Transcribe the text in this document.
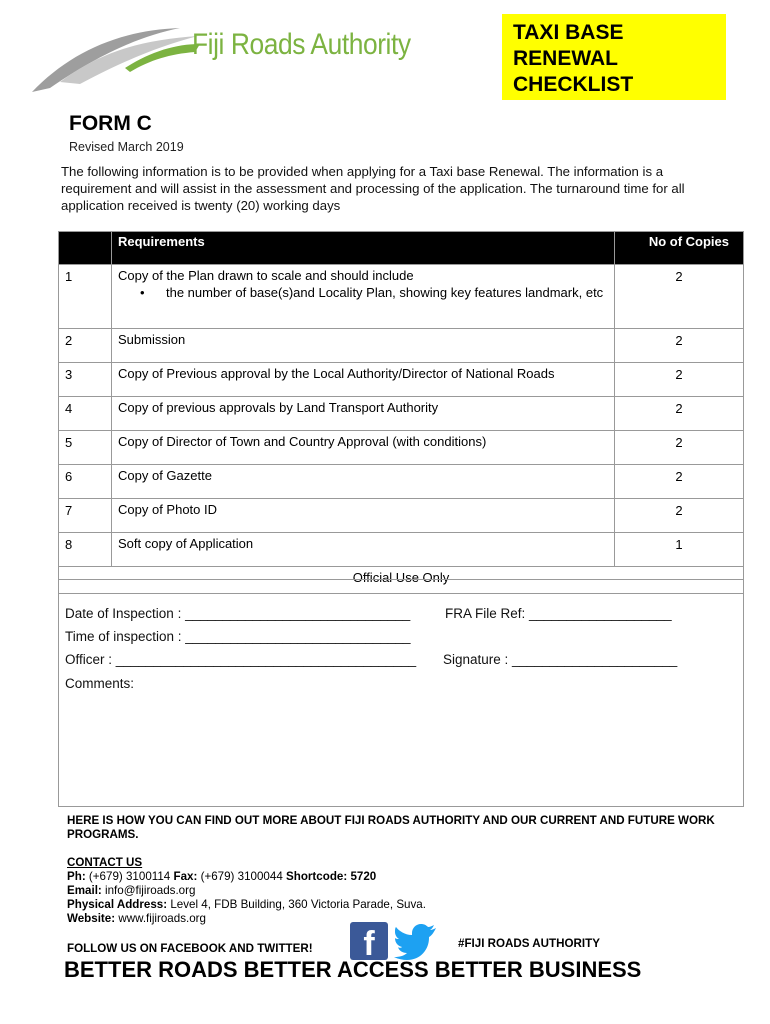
Fiji Roads Authority	TAXI BASE
RENEWAL
CHECKLIST
FORM C
Revised March 2019
The following information is to be provided when applying for a Taxi base Renewal. The information is a requirement and will assist in the assessment and processing of the application. The turnaround time for all application received is twenty (20) working days
	Requirements	No of Copies
1	Copy of the Plan drawn to scale and should include
• the number of base(s)and Locality Plan, showing key features landmark, etc	2
2	Submission	2
3	Copy of Previous approval by the Local Authority/Director of National Roads	2
4	Copy of previous approvals by Land Transport Authority	2
5	Copy of Director of Town and Country Approval (with conditions)	2
6	Copy of Gazette	2
7	Copy of Photo ID	2
8	Soft copy of Application	1
Official Use Only		
Date of Inspection : ______________________________	FRA File Ref: ___________________
Time of inspection : ______________________________
Officer : ________________________________________ Signature : ______________________
Comments:
HERE IS HOW YOU CAN FIND OUT MORE ABOUT FIJI ROADS AUTHORITY AND OUR CURRENT AND FUTURE WORK PROGRAMS.
CONTACT US
Ph: (+679) 3100114 Fax: (+679) 3100044 Shortcode: 5720
Email: info@fijiroads.org
Physical Address: Level 4, FDB Building, 360 Victoria Parade, Suva.
Website: www.fijiroads.org
FOLLOW US ON FACEBOOK AND TWITTER!	f	#FIJI ROADS AUTHORITY
BETTER ROADS BETTER ACCESS BETTER BUSINESS
